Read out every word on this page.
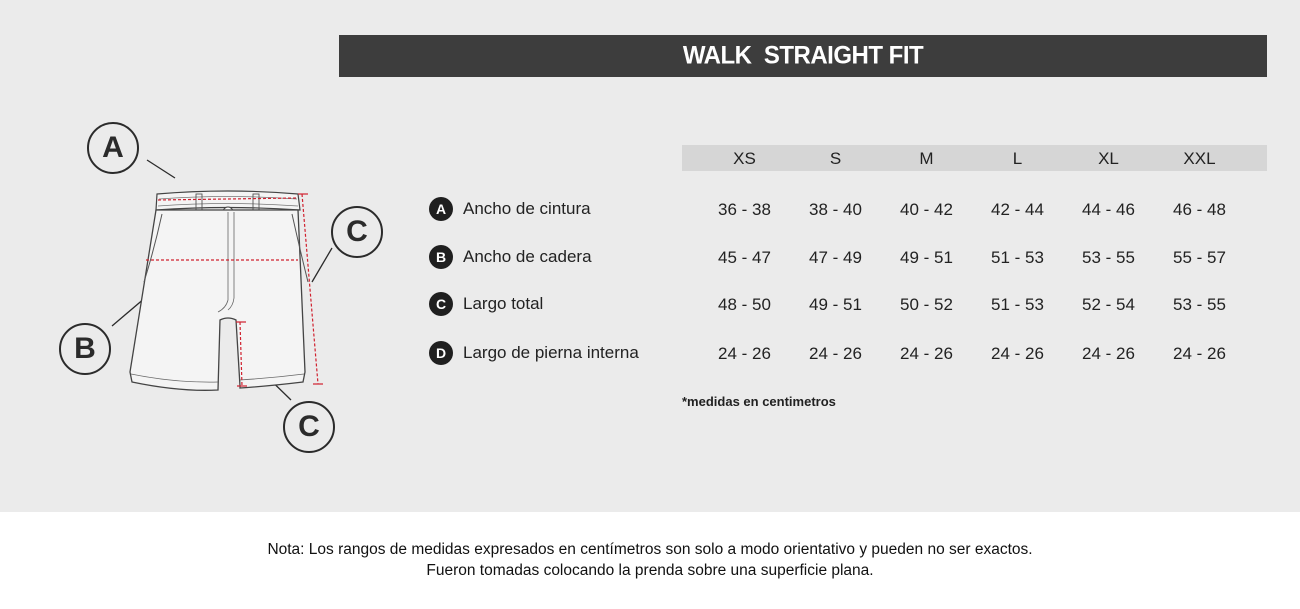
WALK  STRAIGHT FIT
A
B
C
C
XS	S	M	L	XL	XXL
A Ancho de cintura	36 - 38	38 - 40	40 - 42	42 - 44	44 - 46	46 - 48
B Ancho de cadera	45 - 47	47 - 49	49 - 51	51 - 53	53 - 55	55 - 57
C Largo total	48 - 50	49 - 51	50 - 52	51 - 53	52 - 54	53 - 55
D Largo de pierna interna	24 - 26	24 - 26	24 - 26	24 - 26	24 - 26	24 - 26
*medidas en centimetros
Nota: Los rangos de medidas expresados en centímetros son solo a modo orientativo y pueden no ser exactos.
Fueron tomadas colocando la prenda sobre una superficie plana.
